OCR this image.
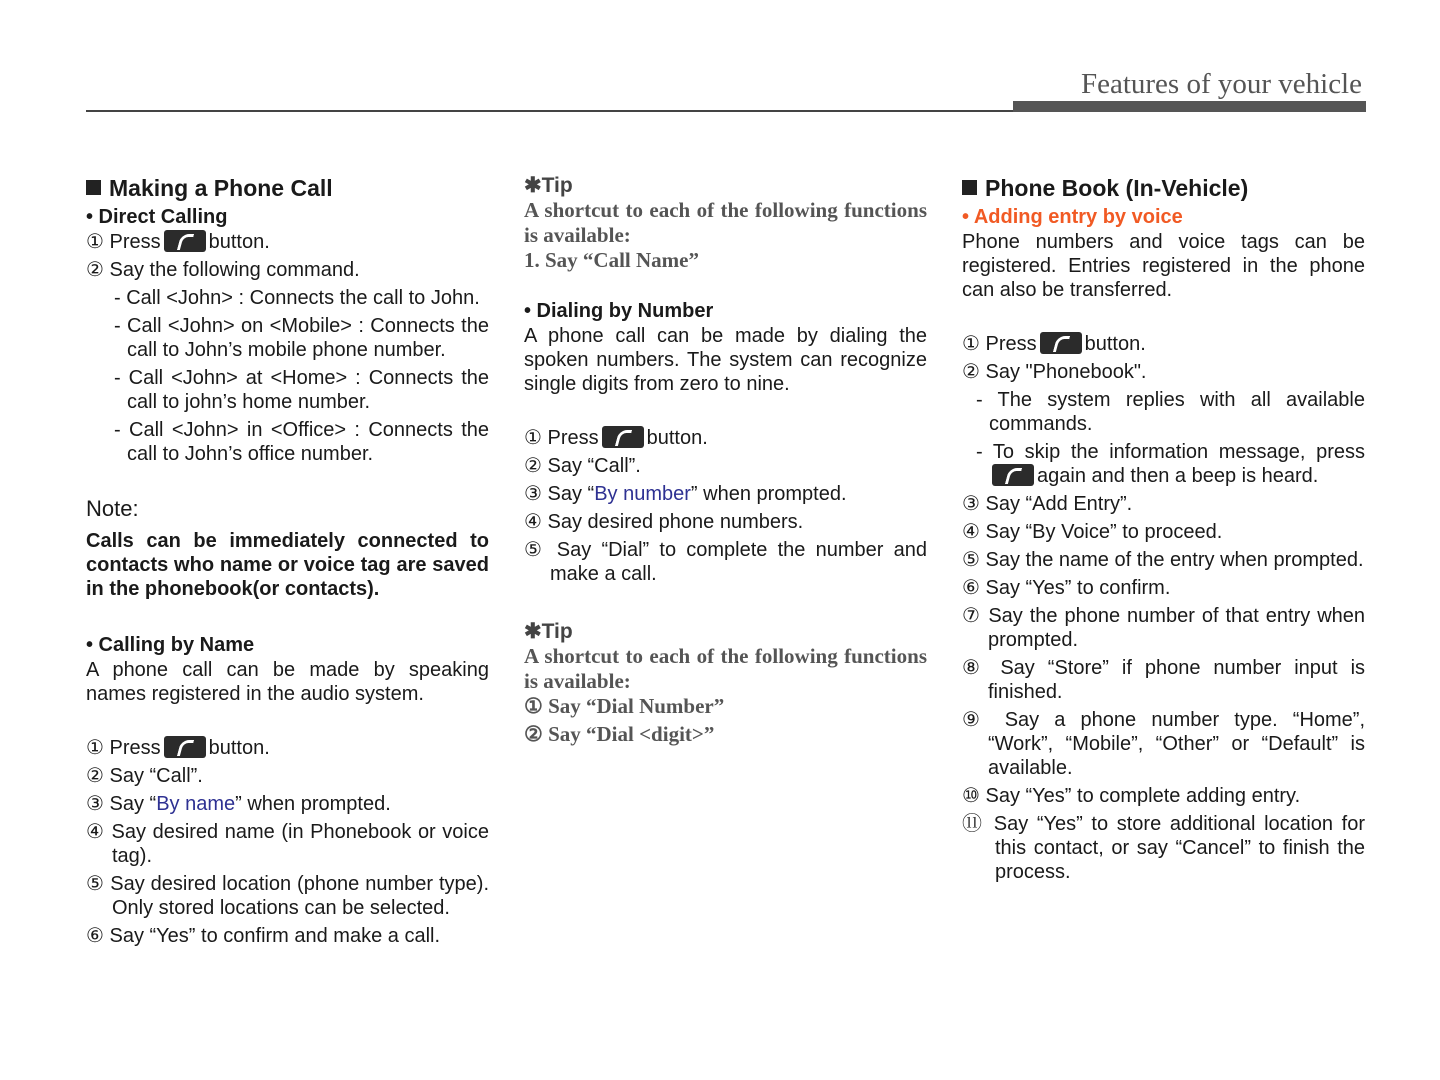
Features of your vehicle
Making a Phone Call
• Direct Calling
① Press button.
② Say the following command.
- Call <John> : Connects the call to John.
- Call <John> on <Mobile> : Connects the call to John’s mobile phone number.
- Call <John> at <Home> : Connects the call to john’s home number.
- Call <John> in <Office> : Connects the call to John’s office number.
Note:
Calls can be immediately connected to contacts who name or voice tag are saved in the phonebook(or contacts).
• Calling by Name
A phone call can be made by speaking names registered in the audio system.
① Press button.
② Say “Call”.
③ Say “By name” when prompted.
④ Say desired name (in Phonebook or voice tag).
⑤ Say desired location (phone number type). Only stored locations can be selected.
⑥ Say “Yes” to confirm and make a call.
✱Tip
A shortcut to each of the following functions is available:
1. Say “Call Name”
• Dialing by Number
A phone call can be made by dialing the spoken numbers. The system can recognize single digits from zero to nine.
① Press button.
② Say “Call”.
③ Say “By number” when prompted.
④ Say desired phone numbers.
⑤ Say “Dial” to complete the number and make a call.
✱Tip
A shortcut to each of the following functions is available:
① Say “Dial Number”
② Say “Dial <digit>”
Phone Book (In-Vehicle)
• Adding entry by voice
Phone numbers and voice tags can be registered. Entries registered in the phone can also be transferred.
① Press button.
② Say "Phonebook".
- The system replies with all available commands.
- To skip the information message, pressagain and then a beep is heard.
③ Say “Add Entry”.
④ Say “By Voice” to proceed.
⑤ Say the name of the entry when prompted.
⑥ Say “Yes” to confirm.
⑦ Say the phone number of that entry when prompted.
⑧ Say “Store” if phone number input is finished.
⑨ Say a phone number type. “Home”, “Work”, “Mobile”, “Other” or “Default” is available.
⑩ Say “Yes” to complete adding entry.
⑪ Say “Yes” to store additional location for this contact, or say “Cancel” to finish the process.
